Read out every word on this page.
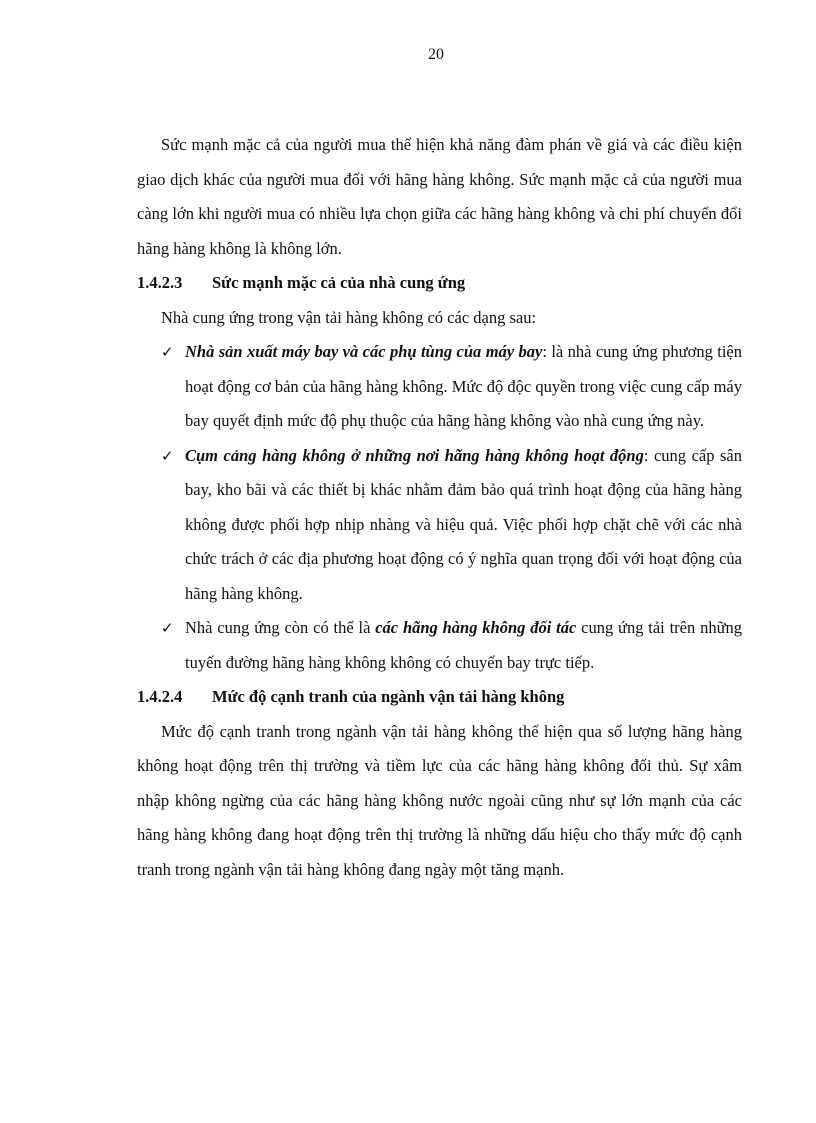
20

Sức mạnh mặc cả của người mua thể hiện khả năng đàm phán về giá và các điều kiện giao dịch khác của người mua đối với hãng hàng không. Sức mạnh mặc cả của người mua càng lớn khi người mua có nhiều lựa chọn giữa các hãng hàng không và chi phí chuyển đổi hãng hàng không là không lớn.

1.4.2.3	Sức mạnh mặc cả của nhà cung ứng

Nhà cung ứng trong vận tải hàng không có các dạng sau:

✓ Nhà sản xuất máy bay và các phụ tùng của máy bay: là nhà cung ứng phương tiện hoạt động cơ bản của hãng hàng không. Mức độ độc quyền trong việc cung cấp máy bay quyết định mức độ phụ thuộc của hãng hàng không vào nhà cung ứng này.
✓ Cụm cảng hàng không ở những nơi hãng hàng không hoạt động: cung cấp sân bay, kho bãi và các thiết bị khác nhằm đảm bảo quá trình hoạt động của hãng hàng không được phối hợp nhịp nhàng và hiệu quả. Việc phối hợp chặt chẽ với các nhà chức trách ở các địa phương hoạt động có ý nghĩa quan trọng đối với hoạt động của hãng hàng không.
✓ Nhà cung ứng còn có thể là các hãng hàng không đối tác cung ứng tải trên những tuyến đường hãng hàng không không có chuyến bay trực tiếp.
1.4.2.4	Mức độ cạnh tranh của ngành vận tải hàng không

Mức độ cạnh tranh trong ngành vận tải hàng không thể hiện qua số lượng hãng hàng không hoạt động trên thị trường và tiềm lực của các hãng hàng không đối thủ. Sự xâm nhập không ngừng của các hãng hàng không nước ngoài cũng như sự lớn mạnh của các hãng hàng không đang hoạt động trên thị trường là những dấu hiệu cho thấy mức độ cạnh tranh trong ngành vận tải hàng không đang ngày một tăng mạnh.
